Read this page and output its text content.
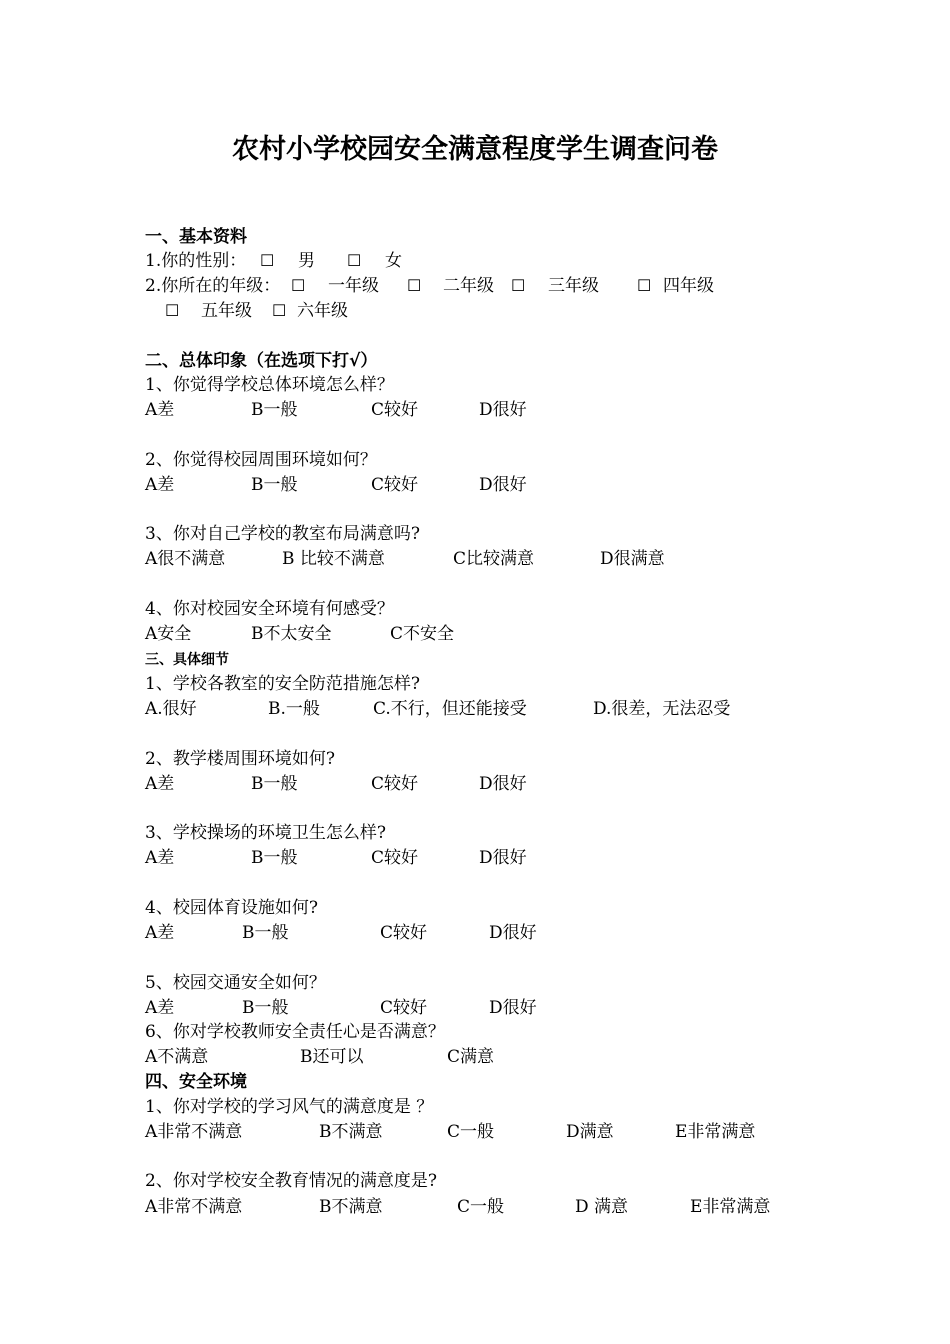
农村小学校园安全满意程度学生调查问卷
一、基本资料
1.你的性别： ☐ 男 ☐ 女
2.你所在的年级： ☐ 一年级 ☐ 二年级 ☐ 三年级 ☐ 四年级
☐ 五年级 ☐ 六年级
二、总体印象（在选项下打√）
1、你觉得学校总体环境怎么样？
A差	B一般	C较好	D很好
2、你觉得校园周围环境如何？
A差	B一般	C较好	D很好
3、你对自己学校的教室布局满意吗?
A很不满意	B 比较不满意	C比较满意	D很满意
4、你对校园安全环境有何感受？
A安全	B不太安全	C不安全
三、具体细节
1、学校各教室的安全防范措施怎样?
A.很好	B.一般	C.不行，但还能接受	D.很差，无法忍受
2、教学楼周围环境如何?
A差	B一般	C较好	D很好
3、学校操场的环境卫生怎么样?
A差	B一般	C较好	D很好
4、校园体育设施如何?
A差	B一般	C较好	D很好
5、校园交通安全如何？
A差	B一般	C较好	D很好
6、你对学校教师安全责任心是否满意？
A不满意	B还可以	C满意
四、安全环境
1、你对学校的学习风气的满意度是 ？
A非常不满意	B不满意	C一般	D满意	E非常满意
2、你对学校安全教育情况的满意度是?
A非常不满意	B不满意	C一般	D 满意	E非常满意
